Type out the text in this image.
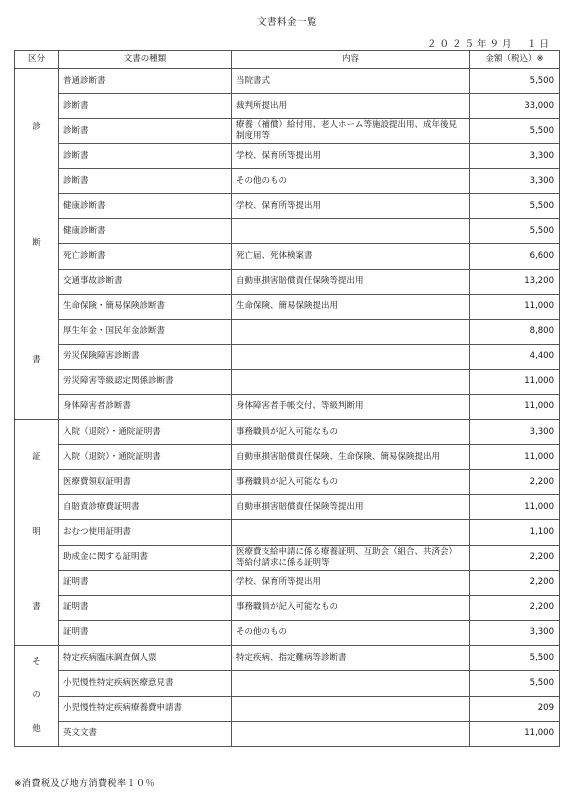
文書料金一覧
２０２５年９月　１日
区分	文書の種類	内容	金額（税込）※

診
断
書	普通診断書	当院書式	5,500
	診断書	裁判所提出用	33,000
	診断書	療養（補償）給付用、老人ホーム等施設提出用、成年後見制度用等	5,500
	診断書	学校、保育所等提出用	3,300
	診断書	その他のもの	3,300
	健康診断書	学校、保育所等提出用	5,500
	健康診断書		5,500
	死亡診断書	死亡届、死体検案書	6,600
	交通事故診断書	自動車損害賠償責任保険等提出用	13,200
	生命保険・簡易保険診断書	生命保険、簡易保険提出用	11,000
	厚生年金・国民年金診断書		8,800
	労災保険障害診断書		4,400
	労災障害等級認定関係診断書		11,000
	身体障害者診断書	身体障害者手帳交付、等級判断用	11,000

証
明
書	入院（退院）・通院証明書	事務職員が記入可能なもの	3,300
	入院（退院）・通院証明書	自動車損害賠償責任保険、生命保険、簡易保険提出用	11,000
	医療費領収証明書	事務職員が記入可能なもの	2,200
	自賠責診療費証明書	自動車損害賠償責任保険等提出用	11,000
	おむつ使用証明書		1,100
	助成金に関する証明書	医療費支給申請に係る療養証明、互助会（組合、共済会）等給付請求に係る証明等	2,200
	証明書	学校、保育所等提出用	2,200
	証明書	事務職員が記入可能なもの	2,200
	証明書	その他のもの	3,300

そ
の
他	特定疾病臨床調査個人票	特定疾病、指定難病等診断書	5,500
	小児慢性特定疾病医療意見書		5,500
	小児慢性特定疾病療養費申請書		209
	英文文書		11,000
※消費税及び地方消費税率１０％
